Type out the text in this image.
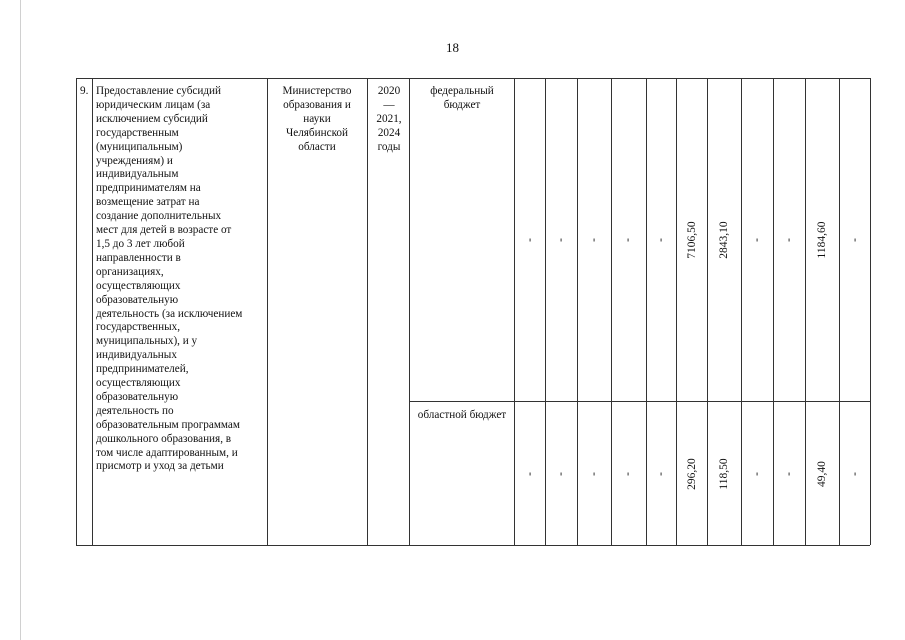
18
9. Предоставление субсидий
юридическим лицам (за
исключением субсидий
государственным
(муниципальным)
учреждениям) и
индивидуальным
предпринимателям на
возмещение затрат на
создание дополнительных
мест для детей в возрасте от
1,5 до 3 лет любой
направленности в
организациях,
осуществляющих
образовательную
деятельность (за исключением
государственных,
муниципальных), и у
индивидуальных
предпринимателей,
осуществляющих
образовательную
деятельность по
образовательным программам
дошкольного образования, в
том числе адаптированным, и
присмотр и уход за детьми
Министерство
образования и
науки
Челябинской
области
2020
—
2021,
2024
годы
федеральный
бюджет
областной бюджет
- - - - - 7106,50 2843,10 - - 1184,60 -
- - - - - 296,20 118,50 - - 49,40 -
